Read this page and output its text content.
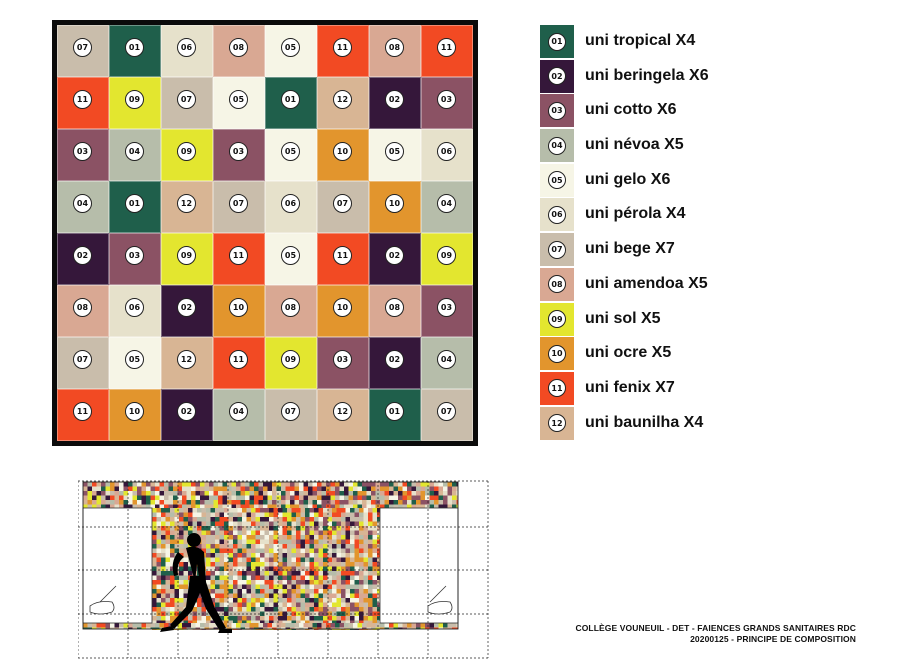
07	01	06	08	05	11	08	11
11	09	07	05	01	12	02	03
03	04	09	03	05	10	05	06
04	01	12	07	06	07	10	04
02	03	09	11	05	11	02	09
08	06	02	10	08	10	08	03
07	05	12	11	09	03	02	04
11	10	02	04	07	12	01	07
01 uni tropical X4
02 uni beringela X6
03 uni cotto X6
04 uni névoa X5
05 uni gelo X6
06 uni pérola X4
07 uni bege X7
08 uni amendoa X5
09 uni sol X5
10 uni ocre X5
11 uni fenix X7
12 uni baunilha X4
COLLÈGE VOUNEUIL - DET - FAIENCES GRANDS SANITAIRES RDC
20200125 - PRINCIPE DE COMPOSITION
